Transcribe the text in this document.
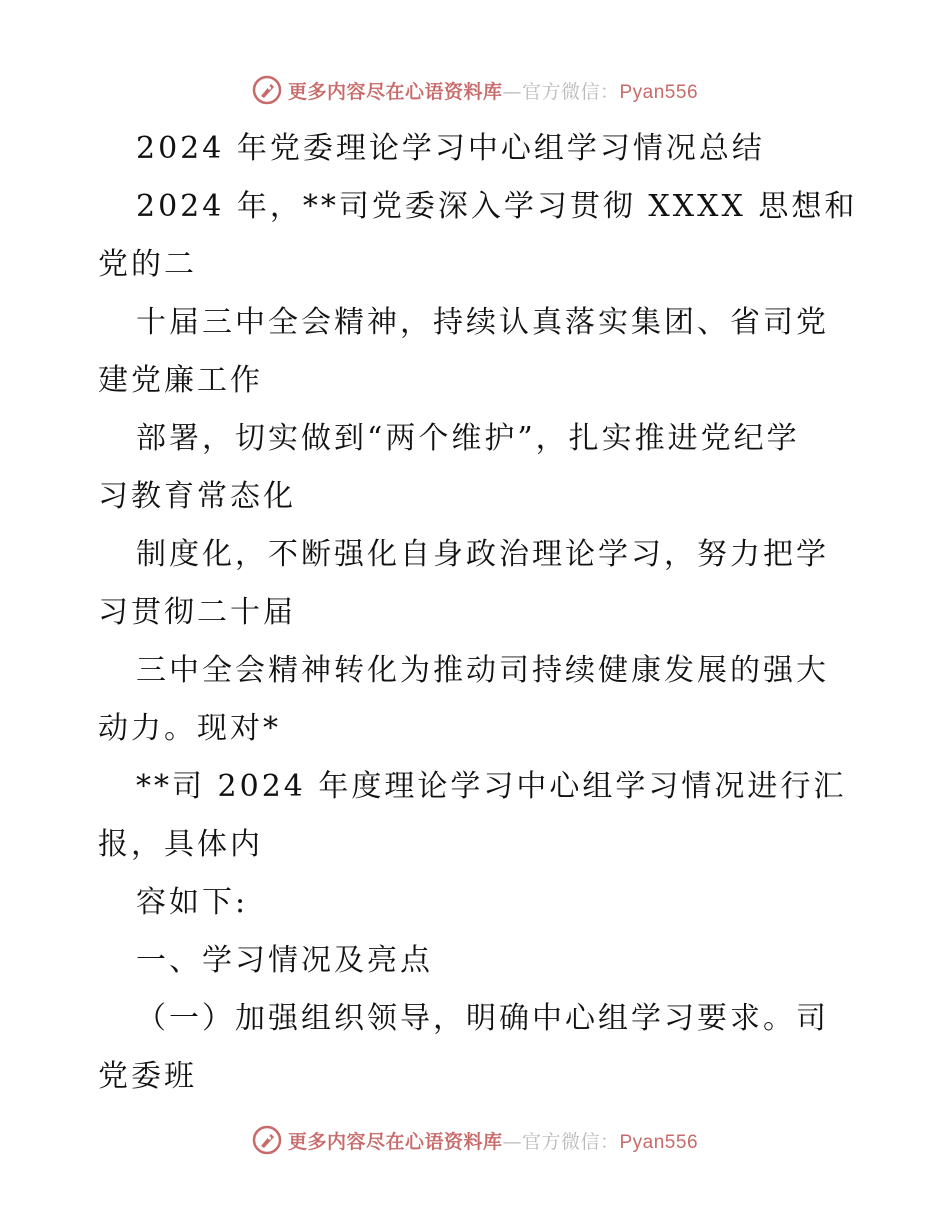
更多内容尽在心语资料库—官方微信：Pyan556
2024 年党委理论学习中心组学习情况总结
2024 年，**司党委深入学习贯彻 XXXX 思想和
党的二
十届三中全会精神，持续认真落实集团、省司党
建党廉工作
部署，切实做到“两个维护”，扎实推进党纪学
习教育常态化
制度化，不断强化自身政治理论学习，努力把学
习贯彻二十届
三中全会精神转化为推动司持续健康发展的强大
动力。现对*
**司 2024 年度理论学习中心组学习情况进行汇
报，具体内
容如下:
一、学习情况及亮点
（一）加强组织领导，明确中心组学习要求。司
党委班
更多内容尽在心语资料库—官方微信：Pyan556
